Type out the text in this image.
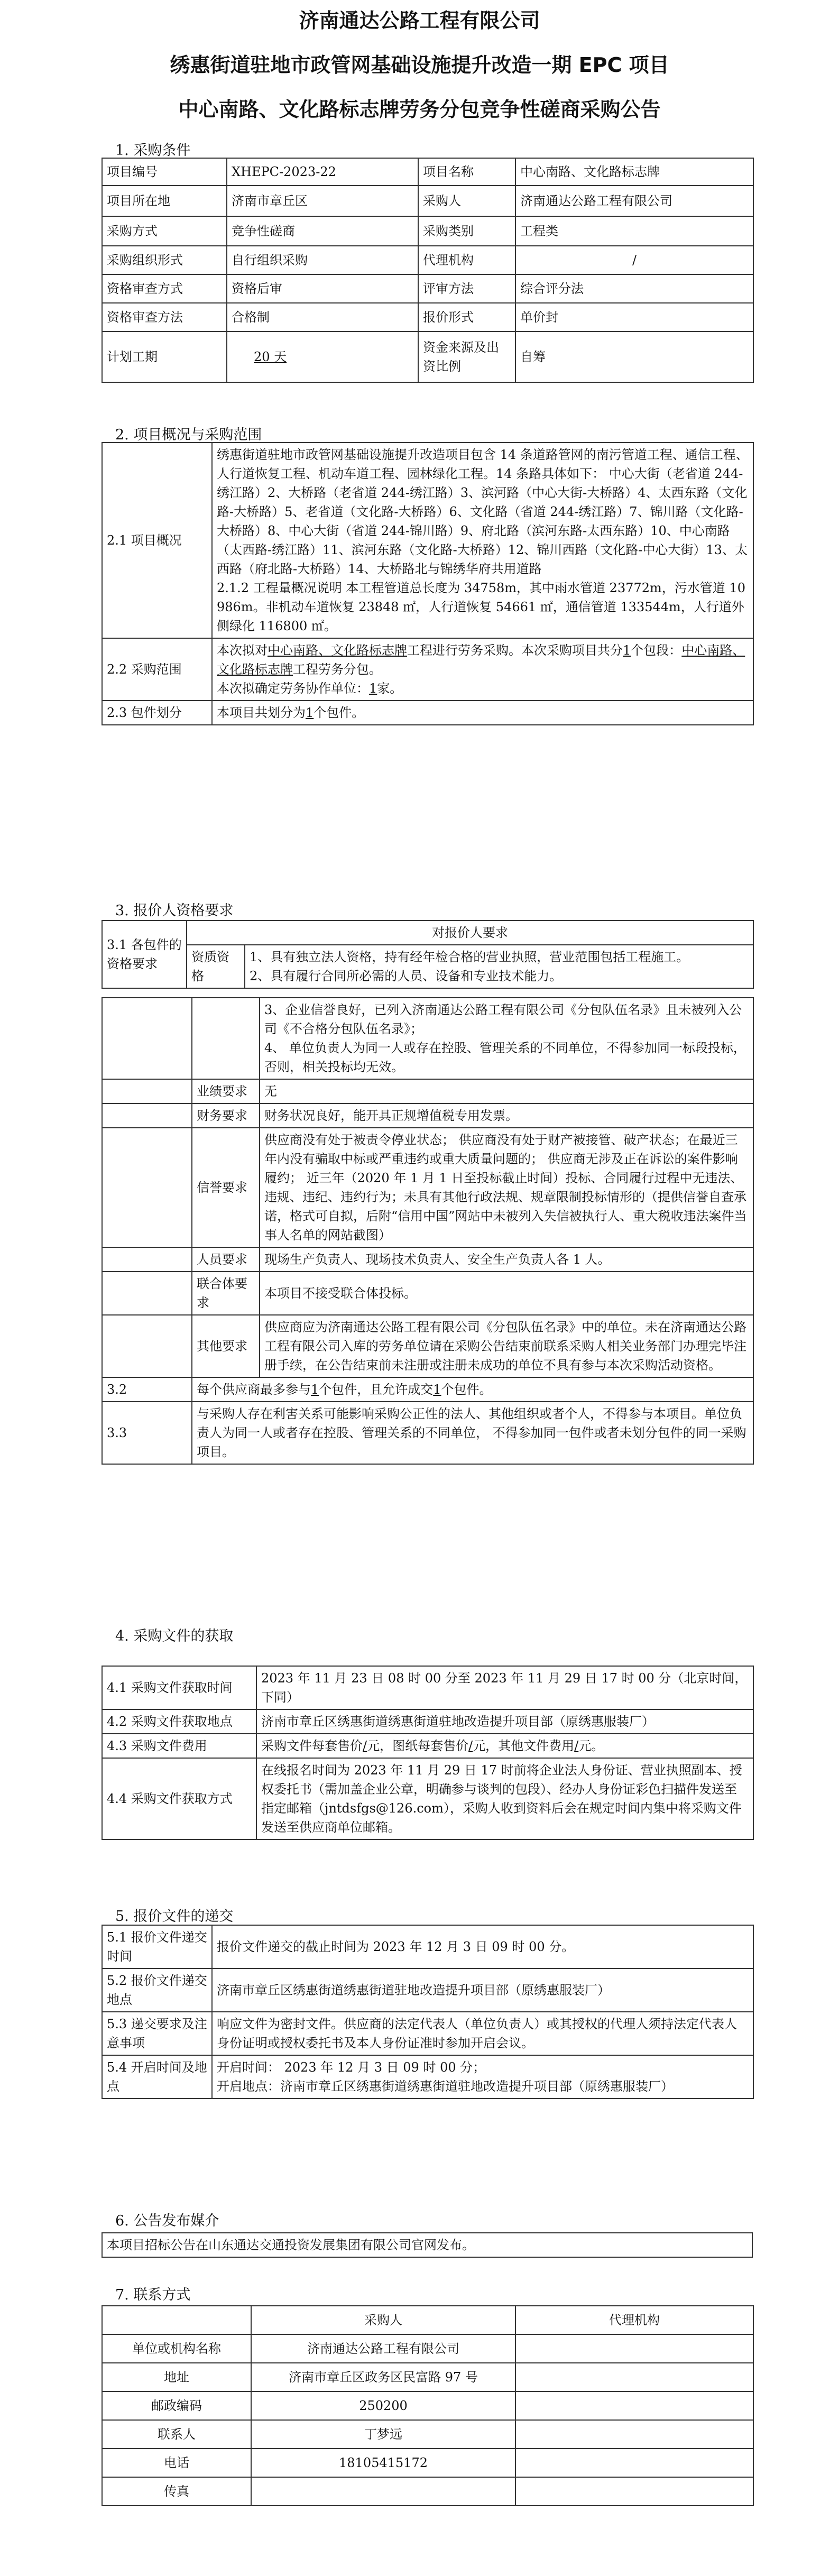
济南通达公路工程有限公司
绣惠街道驻地市政管网基础设施提升改造一期 EPC 项目
中心南路、文化路标志牌劳务分包竞争性磋商采购公告
1. 采购条件
项目编号	XHEPC-2023-22	项目名称	中心南路、文化路标志牌
项目所在地	济南市章丘区	采购人	济南通达公路工程有限公司
采购方式	竞争性磋商	采购类别	工程类
采购组织形式	自行组织采购	代理机构	/
资格审查方式	资格后审	评审方法	综合评分法
资格审查方法	合格制	报价形式	单价封
计划工期	20 天	资金来源及出资比例	自筹
2. 项目概况与采购范围
2.1 项目概况	绣惠街道驻地市政管网基础设施提升改造项目包含 14 条道路管网的南污管道工程、通信工程、人行道恢复工程、机动车道工程、园林绿化工程。14 条路具体如下： 中心大街（老省道 244-绣江路）2、大桥路（老省道 244-绣江路）3、滨河路（中心大街-大桥路）4、太西东路（文化路-大桥路）5、老省道（文化路-大桥路）6、文化路（省道 244-绣江路）7、锦川路（文化路-大桥路）8、中心大街（省道 244-锦川路）9、府北路（滨河东路-太西东路）10、中心南路（太西路-绣江路）11、滨河东路（文化路-大桥路）12、锦川西路（文化路-中心大街）13、太西路（府北路-大桥路）14、大桥路北与锦绣华府共用道路
2.1.2 工程量概况说明 本工程管道总长度为 34758m，其中雨水管道 23772m，污水管道 10986m。非机动车道恢复 23848 ㎡，人行道恢复 54661 ㎡，通信管道 133544m，人行道外侧绿化 116800 ㎡。

2.2 采购范围	本次拟对中心南路、文化路标志牌工程进行劳务采购。本次采购项目共分1个包段：中心南路、文化路标志牌工程劳务分包。
本次拟确定劳务协作单位：1家。
2.3 包件划分	本项目共划分为1个包件。
3. 报价人资格要求
3.1 各包件的资格要求	对报价人要求	
	资质资格	1、具有独立法人资格，持有经年检合格的营业执照，营业范围包括工程施工。
2、具有履行合同所必需的人员、设备和专业技术能力。

		3、企业信誉良好，已列入济南通达公路工程有限公司《分包队伍名录》且未被列入公司《不合格分包队伍名录》；
4、 单位负责人为同一人或存在控股、管理关系的不同单位，不得参加同一标段投标，否则，相关投标均无效。

	业绩要求	无
	财务要求	财务状况良好，能开具正规增值税专用发票。
	信誉要求	供应商没有处于被责令停业状态； 供应商没有处于财产被接管、破产状态；在最近三年内没有骗取中标或严重违约或重大质量问题的； 供应商无涉及正在诉讼的案件影响履约； 近三年（2020 年 1 月 1 日至投标截止时间）投标、合同履行过程中无违法、违规、违纪、违约行为；未具有其他行政法规、规章限制投标情形的（提供信誉自查承诺，格式可自拟，后附“信用中国”网站中未被列入失信被执行人、重大税收违法案件当事人名单的网站截图）
	人员要求	现场生产负责人、现场技术负责人、安全生产负责人各 1 人。
	联合体要求	本项目不接受联合体投标。
	其他要求	供应商应为济南通达公路工程有限公司《分包队伍名录》中的单位。未在济南通达公路工程有限公司入库的劳务单位请在采购公告结束前联系采购人相关业务部门办理完毕注册手续，在公告结束前未注册或注册未成功的单位不具有参与本次采购活动资格。
3.2	每个供应商最多参与1个包件，且允许成交1个包件。	
3.3	与采购人存在利害关系可能影响采购公正性的法人、其他组织或者个人，不得参与本项目。单位负责人为同一人或者存在控股、管理关系的不同单位， 不得参加同一包件或者未划分包件的同一采购项目。	
4. 采购文件的获取
4.1 采购文件获取时间	2023 年 11 月 23 日 08 时 00 分至 2023 年 11 月 29 日 17 时 00 分（北京时间，下同）
4.2 采购文件获取地点	济南市章丘区绣惠街道绣惠街道驻地改造提升项目部（原绣惠服装厂）
4.3 采购文件费用	采购文件每套售价/元，图纸每套售价/元，其他文件费用/元。
4.4 采购文件获取方式	在线报名时间为 2023 年 11 月 29 日 17 时前将企业法人身份证、营业执照副本、授权委托书（需加盖企业公章，明确参与谈判的包段）、经办人身份证彩色扫描件发送至指定邮箱（jntdsfgs@126.com），采购人收到资料后会在规定时间内集中将采购文件发送至供应商单位邮箱。
5. 报价文件的递交
5.1 报价文件递交时间	报价文件递交的截止时间为 2023 年 12 月 3 日 09 时 00 分。
5.2 报价文件递交地点	济南市章丘区绣惠街道绣惠街道驻地改造提升项目部（原绣惠服装厂）
5.3 递交要求及注意事项	响应文件为密封文件。供应商的法定代表人（单位负责人）或其授权的代理人须持法定代表人身份证明或授权委托书及本人身份证准时参加开启会议。
5.4 开启时间及地点	开启时间： 2023 年 12 月 3 日 09 时 00 分；
开启地点：济南市章丘区绣惠街道绣惠街道驻地改造提升项目部（原绣惠服装厂）
6. 公告发布媒介
本项目招标公告在山东通达交通投资发展集团有限公司官网发布。
7. 联系方式
	采购人	代理机构
单位或机构名称	济南通达公路工程有限公司	
地址	济南市章丘区政务区民富路 97 号	
邮政编码	250200	
联系人	丁梦远	
电话	18105415172	
传真		
